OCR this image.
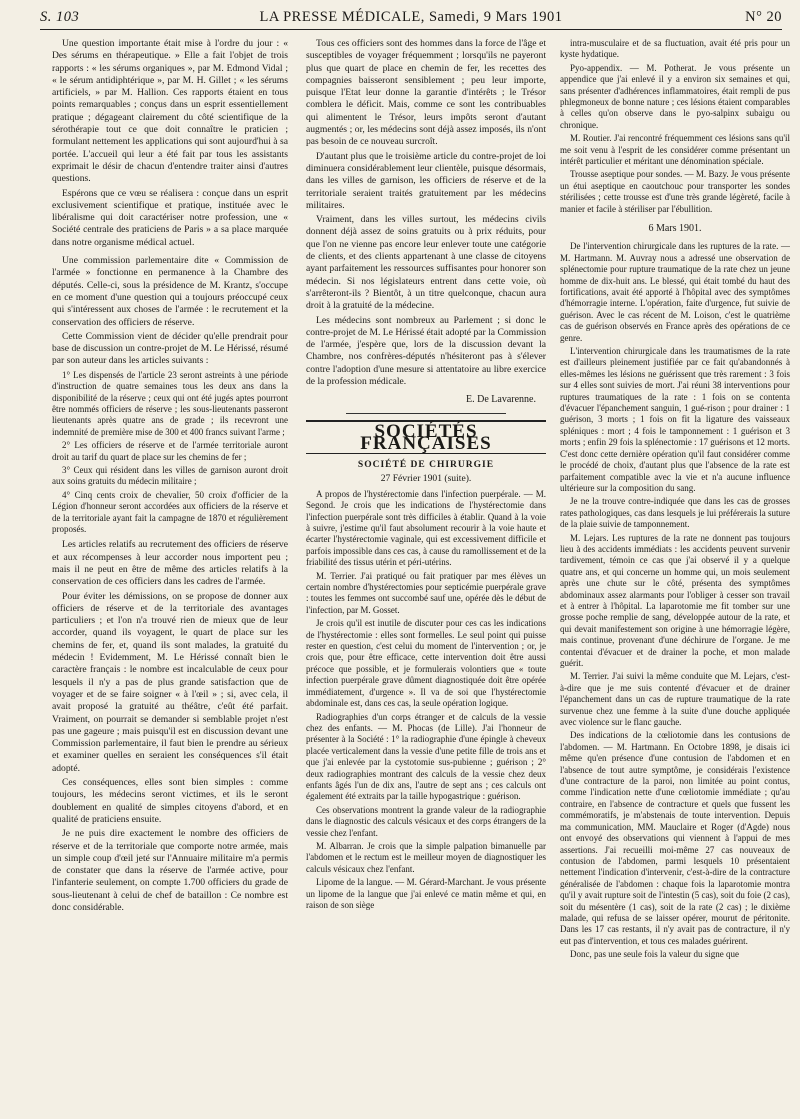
S. 103	LA PRESSE MÉDICALE, Samedi, 9 Mars 1901	N° 20

Une question importante était mise à l'ordre du jour : « Des sérums en thérapeutique. » Elle a fait l'objet de trois rapports : « les sérums organiques », par M. Edmond Vidal ; « le sérum antidiphtérique », par M. H. Gillet ; « les sérums artificiels, » par M. Hallion. Ces rapports étaient en tous points remarquables ; conçus dans un esprit essentiellement pratique ; dégageant clairement du côté scientifique de la sérothérapie tout ce que doit connaître le praticien ; formulant nettement les applications qui sont aujourd'hui à sa portée. L'accueil qui leur a été fait par tous les assistants exprimait le désir de chacun d'entendre traiter ainsi d'autres questions.

Espérons que ce vœu se réalisera : conçue dans un esprit exclusivement scientifique et pratique, instituée avec le libéralisme qui doit caractériser notre profession, une « Société centrale des praticiens de Paris » a sa place marquée dans notre organisme médical actuel.

Une commission parlementaire dite « Commission de l'armée » fonctionne en permanence à la Chambre des députés. Celle-ci, sous la présidence de M. Krantz, s'occupe en ce moment d'une question qui a toujours préoccupé ceux qui s'intéressent aux choses de l'armée : le recrutement et la conservation des officiers de réserve.

Cette Commission vient de décider qu'elle prendrait pour base de discussion un contre-projet de M. Le Hérissé, résumé par son auteur dans les articles suivants :

1° Les dispensés de l'article 23 seront astreints à une période d'instruction de quatre semaines tous les deux ans dans la disponibilité de la réserve ; ceux qui ont été jugés aptes pourront être nommés officiers de réserve ; les sous-lieutenants passeront lieutenants après quatre ans de grade ; ils recevront une indemnité de première mise de 300 et 400 francs suivant l'arme ;

2° Les officiers de réserve et de l'armée territoriale auront droit au tarif du quart de place sur les chemins de fer ;

3° Ceux qui résident dans les villes de garnison auront droit aux soins gratuits du médecin militaire ;

4° Cinq cents croix de chevalier, 50 croix d'officier de la Légion d'honneur seront accordées aux officiers de la réserve et de la territoriale ayant fait la campagne de 1870 et régulièrement proposés.

Les articles relatifs au recrutement des officiers de réserve et aux récompenses à leur accorder nous importent peu ; mais il ne peut en être de même des articles relatifs à la conservation de ces officiers dans les cadres de l'armée.

Pour éviter les démissions, on se propose de donner aux officiers de réserve et de la territoriale des avantages particuliers ; et l'on n'a trouvé rien de mieux que de leur accorder, quand ils voyagent, le quart de place sur les chemins de fer, et, quand ils sont malades, la gratuité du médecin ! Evidemment, M. Le Hérissé connaît bien le caractère français : le nombre est incalculable de ceux pour lesquels il n'y a pas de plus grande satisfaction que de voyager et de se faire soigner « à l'œil » ; si, avec cela, il avait proposé la gratuité au théâtre, c'eût été parfait. Vraiment, on pourrait se demander si semblable projet n'est pas une gageure ; mais puisqu'il est en discussion devant une Commission parlementaire, il faut bien le prendre au sérieux et examiner quelles en seraient les conséquences s'il était adopté.

Ces conséquences, elles sont bien simples : comme toujours, les médecins seront victimes, et ils le seront doublement en qualité de simples citoyens d'abord, et en qualité de praticiens ensuite.

Je ne puis dire exactement le nombre des officiers de réserve et de la territoriale que comporte notre armée, mais un simple coup d'œil jeté sur l'Annuaire militaire m'a permis de constater que dans la réserve de l'armée active, pour l'infanterie seulement, on compte 1.700 officiers du grade de sous-lieutenant à celui de chef de bataillon : Ce nombre est donc considérable.

Tous ces officiers sont des hommes dans la force de l'âge et susceptibles de voyager fréquemment ; lorsqu'ils ne payeront plus que quart de place en chemin de fer, les recettes des compagnies baisseront sensiblement ; peu leur importe, puisque l'Etat leur donne la garantie d'intérêts ; le Trésor comblera le déficit. Mais, comme ce sont les contribuables qui alimentent le Trésor, leurs impôts seront d'autant augmentés ; or, les médecins sont déjà assez imposés, ils n'ont pas besoin de ce nouveau surcroît.

D'autant plus que le troisième article du contre-projet de loi diminuera considérablement leur clientèle, puisque désormais, dans les villes de garnison, les officiers de réserve et de la territoriale seraient traités gratuitement par les médecins militaires.

Vraiment, dans les villes surtout, les médecins civils donnent déjà assez de soins gratuits ou à prix réduits, pour que l'on ne vienne pas encore leur enlever toute une catégorie de clients, et des clients appartenant à une classe de citoyens ayant parfaitement les ressources suffisantes pour honorer son médecin. Si nos législateurs entrent dans cette voie, où s'arrêteront-ils ? Bientôt, à un titre quelconque, chacun aura droit à la gratuité de la médecine.

Les médecins sont nombreux au Parlement ; si donc le contre-projet de M. Le Hérissé était adopté par la Commission de l'armée, j'espère que, lors de la discussion devant la Chambre, nos confrères-députés n'hésiteront pas à s'élever contre l'adoption d'une mesure si attentatoire au libre exercice de la profession médicale.

E. De Lavarenne.
SOCIÉTÉS FRANÇAISES
SOCIÉTÉ DE CHIRURGIE
27 Février 1901 (suite).

A propos de l'hystérectomie dans l'infection puerpérale. — M. Segond. Je crois que les indications de l'hystérectomie dans l'infection puerpérale sont très difficiles à établir. Quand à la voie à suivre, j'estime qu'il faut absolument recourir à la voie haute et écarter l'hystérectomie vaginale, qui est excessivement difficile et parfois impossible dans ces cas, à cause du ramollissement et de la friabilité des tissus utérin et péri-utérins.

M. Terrier. J'ai pratiqué ou fait pratiquer par mes élèves un certain nombre d'hystérectomies pour septicémie puerpérale grave : toutes les femmes ont succombé sauf une, opérée dès le début de l'infection, par M. Gosset.

Je crois qu'il est inutile de discuter pour ces cas les indications de l'hystérectomie : elles sont formelles. Le seul point qui puisse rester en question, c'est celui du moment de l'intervention ; or, je crois que, pour être efficace, cette intervention doit être aussi précoce que possible, et je formulerais volontiers que « toute infection puerpérale grave dûment diagnostiquée doit être opérée immédiatement, d'urgence ». Il va de soi que l'hystérectomie abdominale est, dans ces cas, la seule opération logique.

Radiographies d'un corps étranger et de calculs de la vessie chez des enfants. — M. Phocas (de Lille). J'ai l'honneur de présenter à la Société : 1° la radiographie d'une épingle à cheveux placée verticalement dans la vessie d'une petite fille de trois ans et que j'ai enlevée par la cystotomie sus-pubienne ; guérison ; 2° deux radiographies montrant des calculs de la vessie chez deux enfants âgés l'un de dix ans, l'autre de sept ans ; ces calculs ont également été extraits par la taille hypogastrique : guérison.

Ces observations montrent la grande valeur de la radiographie dans le diagnostic des calculs vésicaux et des corps étrangers de la vessie chez l'enfant.

M. Albarran. Je crois que la simple palpation bimanuelle par l'abdomen et le rectum est le meilleur moyen de diagnostiquer les calculs vésicaux chez l'enfant.

Lipome de la langue. — M. Gérard-Marchant. Je vous présente un lipome de la langue que j'ai enlevé ce matin même et qui, en raison de son siège

intra-musculaire et de sa fluctuation, avait été pris pour un kyste hydatique.

Pyo-appendix. — M. Potherat. Je vous présente un appendice que j'ai enlevé il y a environ six semaines et qui, sans présenter d'adhérences inflammatoires, était rempli de pus phlegmoneux de bonne nature ; ces lésions étaient comparables à celles qu'on observe dans le pyo-salpinx subaigu ou chronique.

M. Routier. J'ai rencontré fréquemment ces lésions sans qu'il me soit venu à l'esprit de les considérer comme présentant un intérêt particulier et méritant une dénomination spéciale.

Trousse aseptique pour sondes. — M. Bazy. Je vous présente un étui aseptique en caoutchouc pour transporter les sondes stérilisées ; cette trousse est d'une très grande légèreté, facile à manier et facile à stériliser par l'ébullition.

6 Mars 1901.

De l'intervention chirurgicale dans les ruptures de la rate. — M. Hartmann. M. Auvray nous a adressé une observation de splénectomie pour rupture traumatique de la rate chez un jeune homme de dix-huit ans. Le blessé, qui était tombé du haut des fortifications, avait été apporté à l'hôpital avec des symptômes d'hémorragie interne. L'opération, faite d'urgence, fut suivie de guérison. Avec le cas récent de M. Loison, c'est le quatrième cas de guérison observés en France après des opérations de ce genre.

L'intervention chirurgicale dans les traumatismes de la rate est d'ailleurs pleinement justifiée par ce fait qu'abandonnés à elles-mêmes les lésions ne guérissent que très rarement : 3 fois sur 4 elles sont suivies de mort. J'ai réuni 38 interventions pour ruptures traumatiques de la rate : 1 fois on se contenta d'évacuer l'épanchement sanguin, 1 gué-rison ; pour drainer : 1 guérison, 3 morts ; 1 fois on fit la ligature des vaisseaux spléniques : mort ; 4 fois le tamponnement : 1 guérison et 3 morts ; enfin 29 fois la splénectomie : 17 guérisons et 12 morts. C'est donc cette dernière opération qu'il faut considérer comme le procédé de choix, d'autant plus que l'absence de la rate est parfaitement compatible avec la vie et n'a aucune influence ultérieure sur la composition du sang.

Je ne la trouve contre-indiquée que dans les cas de grosses rates pathologiques, cas dans lesquels je lui préférerais la suture de la plaie suivie de tamponnement.

M. Lejars. Les ruptures de la rate ne donnent pas toujours lieu à des accidents immédiats : les accidents peuvent survenir tardivement, témoin ce cas que j'ai observé il y a quelque quatre ans, et qui concerne un homme qui, un mois seulement après une chute sur le côté, présenta des symptômes abdominaux assez alarmants pour l'obliger à cesser son travail et à entrer à l'hôpital. La laparotomie me fit tomber sur une grosse poche remplie de sang, développée autour de la rate, et qui devait manifestement son origine à une hémorragie légère, mais continue, provenant d'une déchirure de l'organe. Je me contentai d'évacuer et de drainer la poche, et mon malade guérit.

M. Terrier. J'ai suivi la même conduite que M. Lejars, c'est-à-dire que je me suis contenté d'évacuer et de drainer l'épanchement dans un cas de rupture traumatique de la rate survenue chez une femme à la suite d'une douche appliquée avec violence sur le flanc gauche.

Des indications de la cœliotomie dans les contusions de l'abdomen. — M. Hartmann. En Octobre 1898, je disais ici même qu'en présence d'une contusion de l'abdomen et en l'absence de tout autre symptôme, je considérais l'existence d'une contracture de la paroi, non limitée au point contus, comme l'indication nette d'une cœliotomie immédiate ; qu'au contraire, en l'absence de contracture et quels que fussent les commémoratifs, je m'abstenais de toute intervention. Depuis ma communication, MM. Mauclaire et Roger (d'Agde) nous ont envoyé des observations qui viennent à l'appui de mes assertions. J'ai recueilli moi-même 27 cas nouveaux de contusion de l'abdomen, parmi lesquels 10 présentaient nettement l'indication d'intervenir, c'est-à-dire de la contracture généralisée de l'abdomen : chaque fois la laparotomie montra qu'il y avait rupture soit de l'intestin (5 cas), soit du foie (2 cas), soit du mésentère (1 cas), soit de la rate (2 cas) ; le dixième malade, qui refusa de se laisser opérer, mourut de péritonite. Dans les 17 cas restants, il n'y avait pas de contracture, il n'y eut pas d'intervention, et tous ces malades guérirent.

Donc, pas une seule fois la valeur du signe que
